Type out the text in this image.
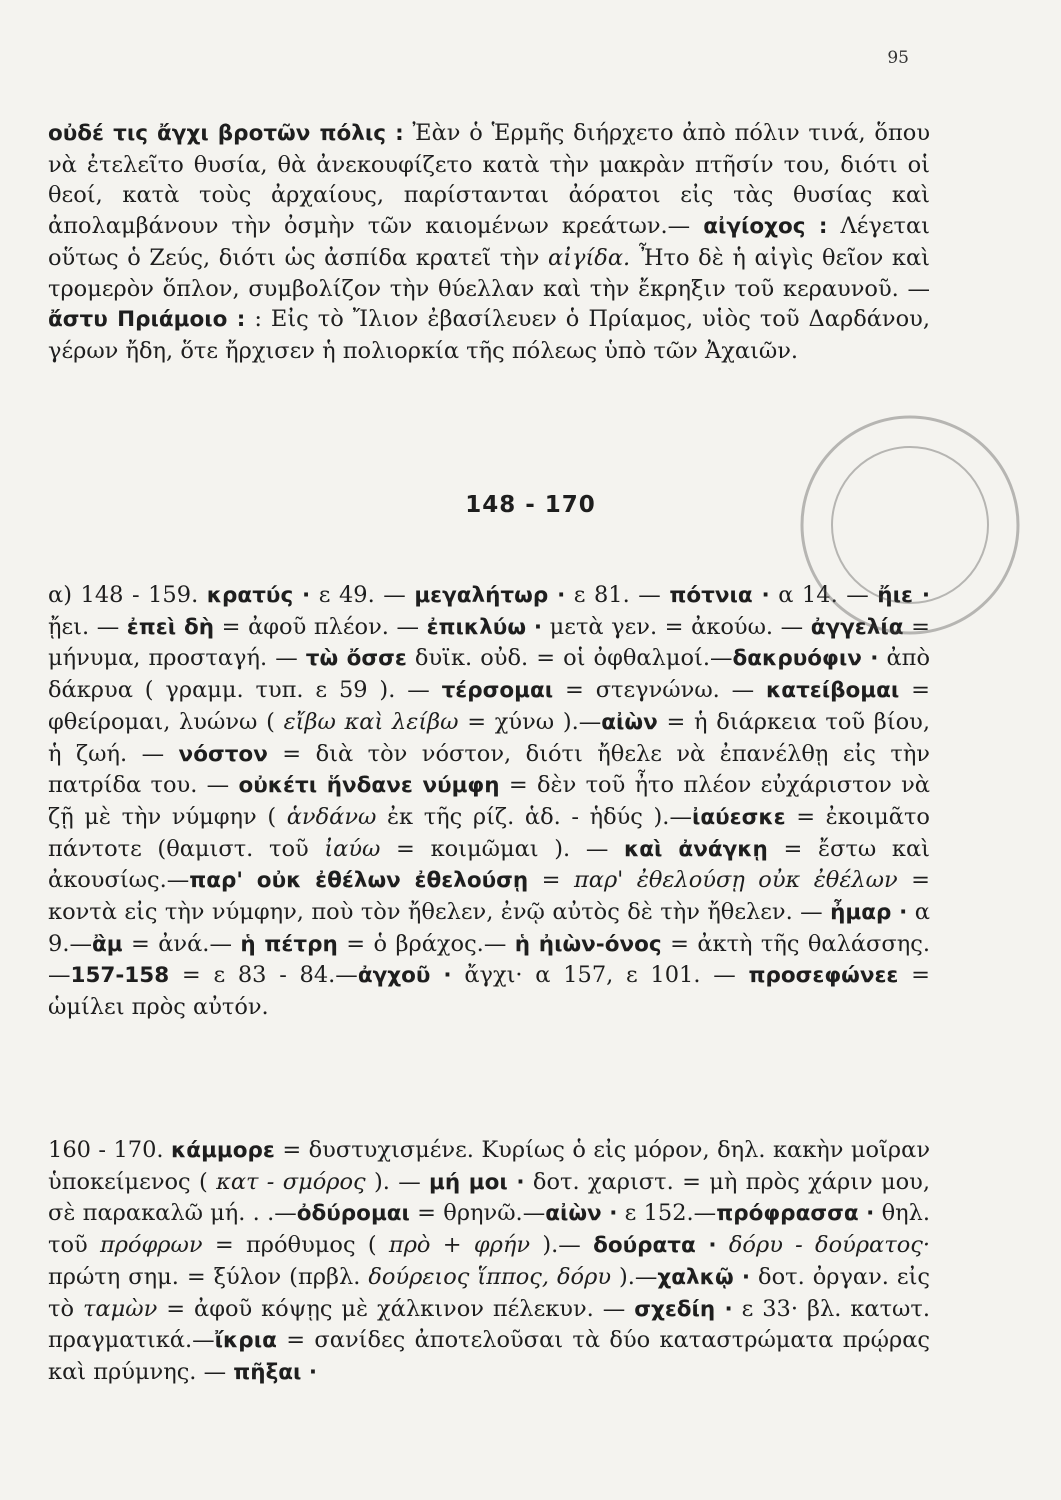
95
οὐδέ τις ἄγχι βροτῶν πόλις : Ἐὰν ὁ Ἑρμῆς διήρχετο ἀπὸ πόλιν τινά, ὅπου νὰ ἐτελεῖτο θυσία, θὰ ἀνεκουφίζετο κατὰ τὴν μακρὰν πτῆσίν του, διότι οἱ θεοί, κατὰ τοὺς ἀρχαίους, παρίστανται ἀόρατοι εἰς τὰς θυσίας καὶ ἀπολαμβάνουν τὴν ὀσμὴν τῶν καιομένων κρεάτων.— αἰγίοχος : Λέγεται οὕτως ὁ Ζεύς, διότι ὡς ἀσπίδα κρατεῖ τὴν αἰγίδα. Ἦτο δὲ ἡ αἰγὶς θεῖον καὶ τρομερὸν ὅπλον, συμβολίζον τὴν θύελλαν καὶ τὴν ἔκρηξιν τοῦ κεραυνοῦ. — ἄστυ Πριάμοιο : : Εἰς τὸ Ἴλιον ἐβασίλευεν ὁ Πρίαμος, υἱὸς τοῦ Δαρδάνου, γέρων ἤδη, ὅτε ἤρχισεν ἡ πολιορκία τῆς πόλεως ὑπὸ τῶν Ἀχαιῶν.
148 - 170
α) 148 - 159. κρατύς · ε 49. — μεγαλήτωρ · ε 81. — πότνια · α 14. — ἤιε · ᾔει. — ἐπεὶ δὴ = ἀφοῦ πλέον. — ἐπικλύω · μετὰ γεν. = ἀκούω. — ἀγγελία = μήνυμα, προσταγή. — τὼ ὄσσε δυϊκ. οὐδ. = οἱ ὀφθαλμοί.—δακρυόφιν · ἀπὸ δάκρυα ( γραμμ. τυπ. ε 59 ). — τέρσομαι = στεγνώνω. — κατείβομαι = φθείρομαι, λυώνω ( εἴβω καὶ λείβω = χύνω ).—αἰὼν = ἡ διάρκεια τοῦ βίου, ἡ ζωή. — νόστον = διὰ τὸν νόστον, διότι ἤθελε νὰ ἐπανέλθῃ εἰς τὴν πατρίδα του. — οὐκέτι ἥνδανε νύμφη = δὲν τοῦ ἦτο πλέον εὐχάριστον νὰ ζῇ μὲ τὴν νύμφην ( ἁνδάνω ἐκ τῆς ρίζ. ἁδ. - ἡδύς ).—ἰαύεσκε = ἐκοιμᾶτο πάντοτε (θαμιστ. τοῦ ἰαύω = κοιμῶμαι ). — καὶ ἀνάγκῃ = ἔστω καὶ ἀκουσίως.—παρ' οὐκ ἐθέλων ἐθελούσῃ = παρ' ἐθελούσῃ οὐκ ἐθέλων = κοντὰ εἰς τὴν νύμφην, ποὺ τὸν ἤθελεν, ἐνῷ αὐτὸς δὲ τὴν ἤθελεν. — ἦμαρ · α 9.—ἂμ = ἀνά.— ἡ πέτρη = ὁ βράχος.— ἡ ἠιὼν-όνος = ἀκτὴ τῆς θαλάσσης.—157-158 = ε 83 - 84.—ἀγχοῦ · ἄγχι· α 157, ε 101. — προσεφώνεε = ὡμίλει πρὸς αὐτόν.
160 - 170. κάμμορε = δυστυχισμένε. Κυρίως ὁ εἰς μόρον, δηλ. κακὴν μοῖραν ὑποκείμενος ( κατ - σμόρος ). — μή μοι · δοτ. χαριστ. = μὴ πρὸς χάριν μου, σὲ παρακαλῶ μή. . .—ὀδύρομαι = θρηνῶ.—αἰὼν · ε 152.—πρόφρασσα · θηλ. τοῦ πρόφρων = πρόθυμος ( πρὸ + φρήν ).— δούρατα · δόρυ - δούρατος· πρώτη σημ. = ξύλον (πρβλ. δούρειος ἵππος, δόρυ ).—χαλκῷ · δοτ. ὀργαν. εἰς τὸ ταμὼν = ἀφοῦ κόψῃς μὲ χάλκινον πέλεκυν. — σχεδίη · ε 33· βλ. κατωτ. πραγματικά.—ἴκρια = σανίδες ἀποτελοῦσαι τὰ δύο καταστρώματα πρῴρας καὶ πρύμνης. — πῆξαι ·
